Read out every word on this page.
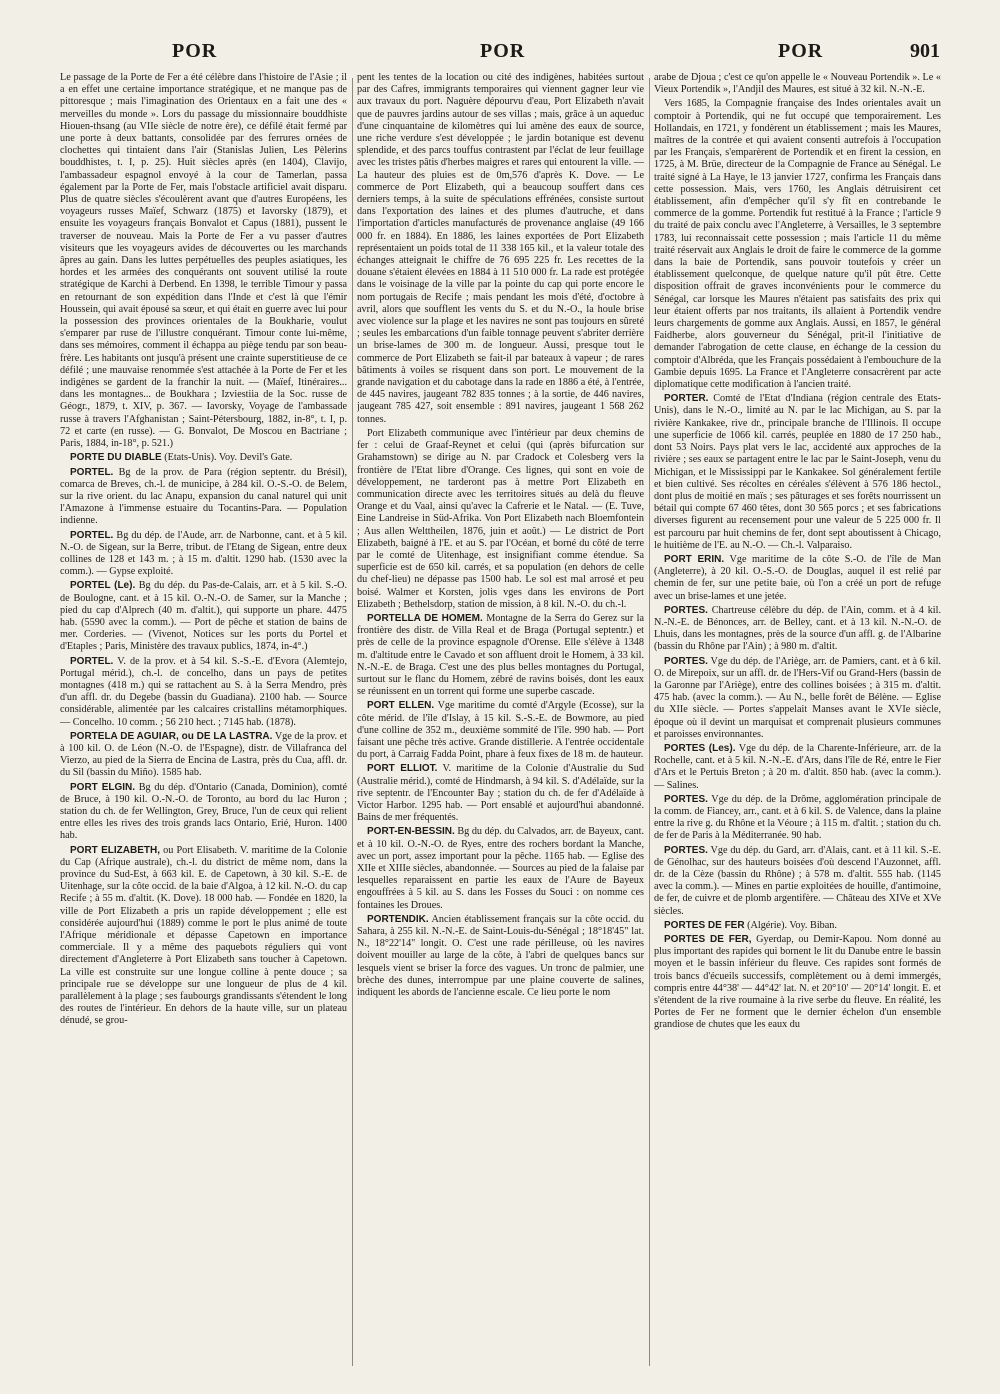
POR	POR	POR	901

Le passage de la Porte de Fer a été célèbre dans l'histoire de l'Asie ; il a en effet une certaine importance stratégique, et ne manque pas de pittoresque ; mais l'imagination des Orientaux en a fait une des « merveilles du monde ». Lors du passage du missionnaire bouddhiste Hiouen-thsang (au VIIe siècle de notre ère), ce défilé était fermé par une porte à deux battants, consolidée par des ferrures ornées de clochettes qui tintaient dans l'air (Stanislas Julien, Les Pèlerins bouddhistes, t. I, p. 25). Huit siècles après (en 1404), Clavijo, l'ambassadeur espagnol envoyé à la cour de Tamerlan, passa également par la Porte de Fer, mais l'obstacle artificiel avait disparu. Plus de quatre siècles s'écoulèrent avant que d'autres Européens, les voyageurs russes Maïef, Schwarz (1875) et Iavorsky (1879), et ensuite les voyageurs français Bonvalot et Capus (1881), pussent le traverser de nouveau. Mais la Porte de Fer a vu passer d'autres visiteurs que les voyageurs avides de découvertes ou les marchands âpres au gain. Dans les luttes perpétuelles des peuples asiatiques, les hordes et les armées des conquérants ont souvent utilisé la route stratégique de Karchi à Derbend. En 1398, le terrible Timour y passa en retournant de son expédition dans l'Inde et c'est là que l'émir Houssein, qui avait épousé sa sœur, et qui était en guerre avec lui pour la possession des provinces orientales de la Boukharie, voulut s'emparer par ruse de l'illustre conquérant. Timour conte lui-même, dans ses mémoires, comment il échappa au piège tendu par son beau-frère. Les habitants ont jusqu'à présent une crainte superstitieuse de ce défilé ; une mauvaise renommée s'est attachée à la Porte de Fer et les indigènes se gardent de la franchir la nuit. — (Maïef, Itinéraires... dans les montagnes... de Boukhara ; Izviestiia de la Soc. russe de Géogr., 1879, t. XIV, p. 367. — Iavorsky, Voyage de l'ambassade russe à travers l'Afghanistan ; Saint-Pétersbourg, 1882, in-8°, t. I, p. 72 et carte (en russe). — G. Bonvalot, De Moscou en Bactriane ; Paris, 1884, in-18°, p. 521.)

PORTE DU DIABLE (Etats-Unis). Voy. Devil's Gate.

PORTEL. Bg de la prov. de Para (région septentr. du Brésil), comarca de Breves, ch.-l. de municipe, à 284 kil. O.-S.-O. de Belem, sur la rive orient. du lac Anapu, expansion du canal naturel qui unit l'Amazone à l'immense estuaire du Tocantins-Para. — Population indienne.

PORTEL. Bg du dép. de l'Aude, arr. de Narbonne, cant. et à 5 kil. N.-O. de Sigean, sur la Berre, tribut. de l'Etang de Sigean, entre deux collines de 128 et 143 m. ; à 15 m. d'altit. 1290 hab. (1530 avec la comm.). — Gypse exploité.

PORTEL (Le). Bg du dép. du Pas-de-Calais, arr. et à 5 kil. S.-O. de Boulogne, cant. et à 15 kil. O.-N.-O. de Samer, sur la Manche ; pied du cap d'Alprech (40 m. d'altit.), qui supporte un phare. 4475 hab. (5590 avec la comm.). — Port de pêche et station de bains de mer. Corderies. — (Vivenot, Notices sur les ports du Portel et d'Etaples ; Paris, Ministère des travaux publics, 1874, in-4°.)

PORTEL. V. de la prov. et à 54 kil. S.-S.-E. d'Evora (Alemtejo, Portugal mérid.), ch.-l. de concelho, dans un pays de petites montagnes (418 m.) qui se rattachent au S. à la Serra Mendro, près d'un affl. dr. du Degebe (bassin du Guadiana). 2100 hab. — Source considérable, alimentée par les calcaires cristallins métamorphiques. — Concelho. 10 comm. ; 56 210 hect. ; 7145 hab. (1878).

PORTELA DE AGUIAR, ou DE LA LASTRA. Vge de la prov. et à 100 kil. O. de Léon (N.-O. de l'Espagne), distr. de Villafranca del Vierzo, au pied de la Sierra de Encina de Lastra, près du Cua, affl. dr. du Sil (bassin du Miño). 1585 hab.

PORT ELGIN. Bg du dép. d'Ontario (Canada, Dominion), comté de Bruce, à 190 kil. O.-N.-O. de Toronto, au bord du lac Huron ; station du ch. de fer Wellington, Grey, Bruce, l'un de ceux qui relient entre elles les rives des trois grands lacs Ontario, Erié, Huron. 1400 hab.

PORT ELIZABETH, ou Port Elisabeth. V. maritime de la Colonie du Cap (Afrique australe), ch.-l. du district de même nom, dans la province du Sud-Est, à 663 kil. E. de Capetown, à 30 kil. S.-E. de Uitenhage, sur la côte occid. de la baie d'Algoa, à 12 kil. N.-O. du cap Recife ; à 55 m. d'altit. (K. Dove). 18 000 hab. — Fondée en 1820, la ville de Port Elizabeth a pris un rapide développement ; elle est considérée aujourd'hui (1889) comme le port le plus animé de toute l'Afrique méridionale et dépasse Capetown en importance commerciale. Il y a même des paquebots réguliers qui vont directement d'Angleterre à Port Elizabeth sans toucher à Capetown. La ville est construite sur une longue colline à pente douce ; sa principale rue se développe sur une longueur de plus de 4 kil. parallèlement à la plage ; ses faubourgs grandissants s'étendent le long des routes de l'intérieur. En dehors de la haute ville, sur un plateau dénudé, se grou-

pent les tentes de la location ou cité des indigènes, habitées surtout par des Cafres, immigrants temporaires qui viennent gagner leur vie aux travaux du port. Naguère dépourvu d'eau, Port Elizabeth n'avait que de pauvres jardins autour de ses villas ; mais, grâce à un aqueduc d'une cinquantaine de kilomètres qui lui amène des eaux de source, une riche verdure s'est développée ; le jardin botanique est devenu splendide, et des parcs touffus contrastent par l'éclat de leur feuillage avec les tristes pâtis d'herbes maigres et rares qui entourent la ville. — La hauteur des pluies est de 0m,576 d'après K. Dove. — Le commerce de Port Elizabeth, qui a beaucoup souffert dans ces derniers temps, à la suite de spéculations effrénées, consiste surtout dans l'exportation des laines et des plumes d'autruche, et dans l'importation d'articles manufacturés de provenance anglaise (49 166 000 fr. en 1884). En 1886, les laines exportées de Port Elizabeth représentaient un poids total de 11 338 165 kil., et la valeur totale des échanges atteignait le chiffre de 76 695 225 fr. Les recettes de la douane s'étaient élevées en 1884 à 11 510 000 fr. La rade est protégée dans le voisinage de la ville par la pointe du cap qui porte encore le nom portugais de Recife ; mais pendant les mois d'été, d'octobre à avril, alors que soufflent les vents du S. et du N.-O., la houle brise avec violence sur la plage et les navires ne sont pas toujours en sûreté ; seules les embarcations d'un faible tonnage peuvent s'abriter derrière un brise-lames de 300 m. de longueur. Aussi, presque tout le commerce de Port Elizabeth se fait-il par bateaux à vapeur ; de rares bâtiments à voiles se risquent dans son port. Le mouvement de la grande navigation et du cabotage dans la rade en 1886 a été, à l'entrée, de 445 navires, jaugeant 782 835 tonnes ; à la sortie, de 446 navires, jaugeant 785 427, soit ensemble : 891 navires, jaugeant 1 568 262 tonnes.

Port Elizabeth communique avec l'intérieur par deux chemins de fer : celui de Graaf-Reynet et celui (qui (après bifurcation sur Grahamstown) se dirige au N. par Cradock et Colesberg vers la frontière de l'Etat libre d'Orange. Ces lignes, qui sont en voie de développement, ne tarderont pas à mettre Port Elizabeth en communication directe avec les territoires situés au delà du fleuve Orange et du Vaal, ainsi qu'avec la Cafrerie et le Natal. — (E. Tuve, Eine Landreise in Süd-Afrika. Von Port Elizabeth nach Bloemfontein ; Aus allen Welttheilen, 1876, juin et août.) — Le district de Port Elizabeth, baigné à l'E. et au S. par l'Océan, et borné du côté de terre par le comté de Uitenhage, est insignifiant comme étendue. Sa superficie est de 650 kil. carrés, et sa population (en dehors de celle du chef-lieu) ne dépasse pas 1500 hab. Le sol est mal arrosé et peu boisé. Walmer et Korsten, jolis vges dans les environs de Port Elizabeth ; Bethelsdorp, station de mission, à 8 kil. N.-O. du ch.-l.

PORTELLA DE HOMEM. Montagne de la Serra do Gerez sur la frontière des distr. de Villa Real et de Braga (Portugal septentr.) et près de celle de la province espagnole d'Orense. Elle s'élève à 1348 m. d'altitude entre le Cavado et son affluent droit le Homem, à 33 kil. N.-N.-E. de Braga. C'est une des plus belles montagnes du Portugal, surtout sur le flanc du Homem, zébré de ravins boisés, dont les eaux se réunissent en un torrent qui forme une superbe cascade.

PORT ELLEN. Vge maritime du comté d'Argyle (Ecosse), sur la côte mérid. de l'île d'Islay, à 15 kil. S.-S.-E. de Bowmore, au pied d'une colline de 352 m., deuxième sommité de l'île. 990 hab. — Port faisant une pêche très active. Grande distillerie. A l'entrée occidentale du port, à Carraig Fadda Point, phare à feux fixes de 18 m. de hauteur.

PORT ELLIOT. V. maritime de la Colonie d'Australie du Sud (Australie mérid.), comté de Hindmarsh, à 94 kil. S. d'Adélaïde, sur la rive septentr. de l'Encounter Bay ; station du ch. de fer d'Adélaïde à Victor Harbor. 1295 hab. — Port ensablé et aujourd'hui abandonné. Bains de mer fréquentés.

PORT-EN-BESSIN. Bg du dép. du Calvados, arr. de Bayeux, cant. et à 10 kil. O.-N.-O. de Ryes, entre des rochers bordant la Manche, avec un port, assez important pour la pêche. 1165 hab. — Eglise des XIIe et XIIIe siècles, abandonnée. — Sources au pied de la falaise par lesquelles reparaissent en partie les eaux de l'Aure de Bayeux engouffrées à 5 kil. au S. dans les Fosses du Souci : on nomme ces fontaines les Droues.

PORTENDIK. Ancien établissement français sur la côte occid. du Sahara, à 255 kil. N.-N.-E. de Saint-Louis-du-Sénégal ; 18°18'45" lat. N., 18°22'14" longit. O. C'est une rade périlleuse, où les navires doivent mouiller au large de la côte, à l'abri de quelques bancs sur lesquels vient se briser la force des vagues. Un tronc de palmier, une brèche des dunes, interrompue par une plaine couverte de salines, indiquent les abords de l'ancienne escale. Ce lieu porte le nom

arabe de Djoua ; c'est ce qu'on appelle le « Nouveau Portendik ». Le « Vieux Portendik », l'Andjil des Maures, est situé à 32 kil. N.-N.-E.

Vers 1685, la Compagnie française des Indes orientales avait un comptoir à Portendik, qui ne fut occupé que temporairement. Les Hollandais, en 1721, y fondèrent un établissement ; mais les Maures, maîtres de la contrée et qui avaient consenti autrefois à l'occupation par les Français, s'emparèrent de Portendik et en firent la cession, en 1725, à M. Brüe, directeur de la Compagnie de France au Sénégal. Le traité signé à La Haye, le 13 janvier 1727, confirma les Français dans cette possession. Mais, vers 1760, les Anglais détruisirent cet établissement, afin d'empêcher qu'il s'y fît en contrebande le commerce de la gomme. Portendik fut restitué à la France ; l'article 9 du traité de paix conclu avec l'Angleterre, à Versailles, le 3 septembre 1783, lui reconnaissait cette possession ; mais l'article 11 du même traité réservait aux Anglais le droit de faire le commerce de la gomme dans la baie de Portendik, sans pouvoir toutefois y créer un établissement quelconque, de quelque nature qu'il pût être. Cette disposition offrait de graves inconvénients pour le commerce du Sénégal, car lorsque les Maures n'étaient pas satisfaits des prix qui leur étaient offerts par nos traitants, ils allaient à Portendik vendre leurs chargements de gomme aux Anglais. Aussi, en 1857, le général Faidherbe, alors gouverneur du Sénégal, prit-il l'initiative de demander l'abrogation de cette clause, en échange de la cession du comptoir d'Albréda, que les Français possédaient à l'embouchure de la Gambie depuis 1695. La France et l'Angleterre consacrèrent par acte diplomatique cette modification à l'ancien traité.

PORTER. Comté de l'Etat d'Indiana (région centrale des Etats-Unis), dans le N.-O., limité au N. par le lac Michigan, au S. par la rivière Kankakee, rive dr., principale branche de l'Illinois. Il occupe une superficie de 1066 kil. carrés, peuplée en 1880 de 17 250 hab., dont 53 Noirs. Pays plat vers le lac, accidenté aux approches de la rivière ; ses eaux se partagent entre le lac par le Saint-Joseph, venu du Michigan, et le Mississippi par le Kankakee. Sol généralement fertile et bien cultivé. Ses récoltes en céréales s'élèvent à 576 186 hectol., dont plus de moitié en maïs ; ses pâturages et ses forêts nourrissent un bétail qui compte 67 460 têtes, dont 30 565 porcs ; et ses fabrications diverses figurent au recensement pour une valeur de 5 225 000 fr. Il est parcouru par huit chemins de fer, dont sept aboutissent à Chicago, le huitième de l'E. au N.-O. — Ch.-l. Valparaiso.

PORT ERIN. Vge maritime de la côte S.-O. de l'île de Man (Angleterre), à 20 kil. O.-S.-O. de Douglas, auquel il est relié par chemin de fer, sur une petite baie, où l'on a créé un port de refuge avec un brise-lames et une jetée.

PORTES. Chartreuse célèbre du dép. de l'Ain, comm. et à 4 kil. N.-N.-E. de Bénonces, arr. de Belley, cant. et à 13 kil. N.-N.-O. de Lhuis, dans les montagnes, près de la source d'un affl. g. de l'Albarine (bassin du Rhône par l'Ain) ; à 980 m. d'altit.

PORTES. Vge du dép. de l'Ariège, arr. de Pamiers, cant. et à 6 kil. O. de Mirepoix, sur un affl. dr. de l'Hers-Vif ou Grand-Hers (bassin de la Garonne par l'Ariège), entre des collines boisées ; à 315 m. d'altit. 475 hab. (avec la comm.). — Au N., belle forêt de Bélène. — Eglise du XIIe siècle. — Portes s'appelait Manses avant le XVIe siècle, époque où il devint un marquisat et comprenait plusieurs communes et paroisses environnantes.

PORTES (Les). Vge du dép. de la Charente-Inférieure, arr. de la Rochelle, cant. et à 5 kil. N.-N.-E. d'Ars, dans l'île de Ré, entre le Fier d'Ars et le Pertuis Breton ; à 20 m. d'altit. 850 hab. (avec la comm.). — Salines.

PORTES. Vge du dép. de la Drôme, agglomération principale de la comm. de Fiancey, arr., cant. et à 6 kil. S. de Valence, dans la plaine entre la rive g. du Rhône et la Véoure ; à 115 m. d'altit. ; station du ch. de fer de Paris à la Méditerranée. 90 hab.

PORTES. Vge du dép. du Gard, arr. d'Alais, cant. et à 11 kil. S.-E. de Génolhac, sur des hauteurs boisées d'où descend l'Auzonnet, affl. dr. de la Cèze (bassin du Rhône) ; à 578 m. d'altit. 555 hab. (1145 avec la comm.). — Mines en partie exploitées de houille, d'antimoine, de fer, de cuivre et de plomb argentifère. — Château des XIVe et XVe siècles.

PORTES DE FER (Algérie). Voy. Biban.

PORTES DE FER, Gyerdap, ou Demir-Kapou. Nom donné au plus important des rapides qui bornent le lit du Danube entre le bassin moyen et le bassin inférieur du fleuve. Ces rapides sont formés de trois bancs d'écueils successifs, complètement ou à demi immergés, compris entre 44°38' — 44°42' lat. N. et 20°10' — 20°14' longit. E. et s'étendent de la rive roumaine à la rive serbe du fleuve. En réalité, les Portes de Fer ne forment que le dernier échelon d'un ensemble grandiose de chutes que les eaux du
